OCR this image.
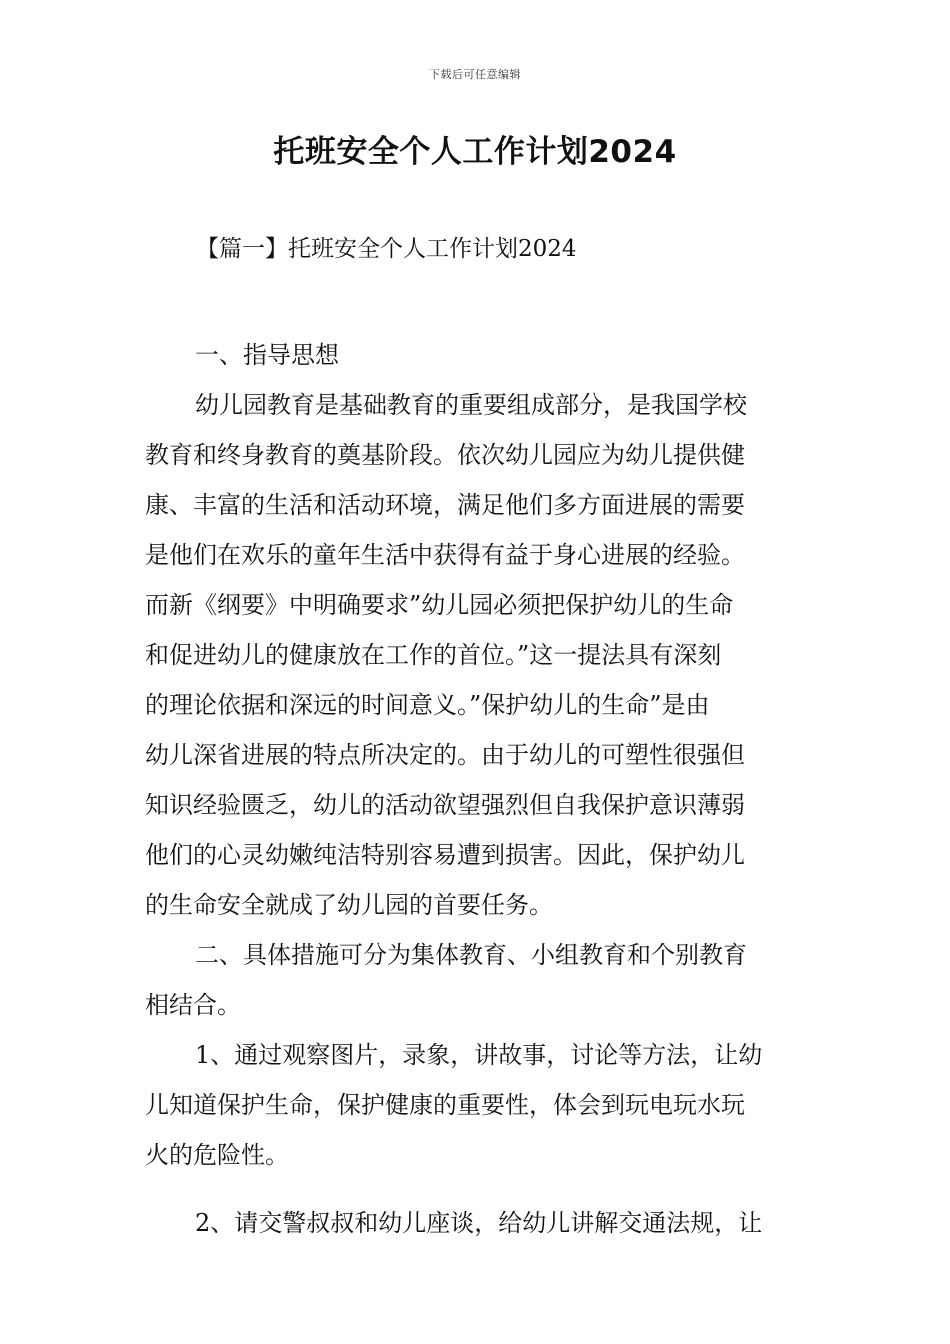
下载后可任意编辑
托班安全个人工作计划2024
【篇一】托班安全个人工作计划2024
一、指导思想
幼儿园教育是基础教育的重要组成部分，是我国学校
教育和终身教育的奠基阶段。依次幼儿园应为幼儿提供健
康、丰富的生活和活动环境，满足他们多方面进展的需要
是他们在欢乐的童年生活中获得有益于身心进展的经验。
而新《纲要》中明确要求”幼儿园必须把保护幼儿的生命
和促进幼儿的健康放在工作的首位。”这一提法具有深刻
的理论依据和深远的时间意义。”保护幼儿的生命”是由
幼儿深省进展的特点所决定的。由于幼儿的可塑性很强但
知识经验匮乏，幼儿的活动欲望强烈但自我保护意识薄弱
他们的心灵幼嫩纯洁特别容易遭到损害。因此，保护幼儿
的生命安全就成了幼儿园的首要任务。
二、具体措施可分为集体教育、小组教育和个别教育
相结合。
1、通过观察图片，录象，讲故事，讨论等方法，让幼
儿知道保护生命，保护健康的重要性，体会到玩电玩水玩
火的危险性。
2、请交警叔叔和幼儿座谈，给幼儿讲解交通法规，让
